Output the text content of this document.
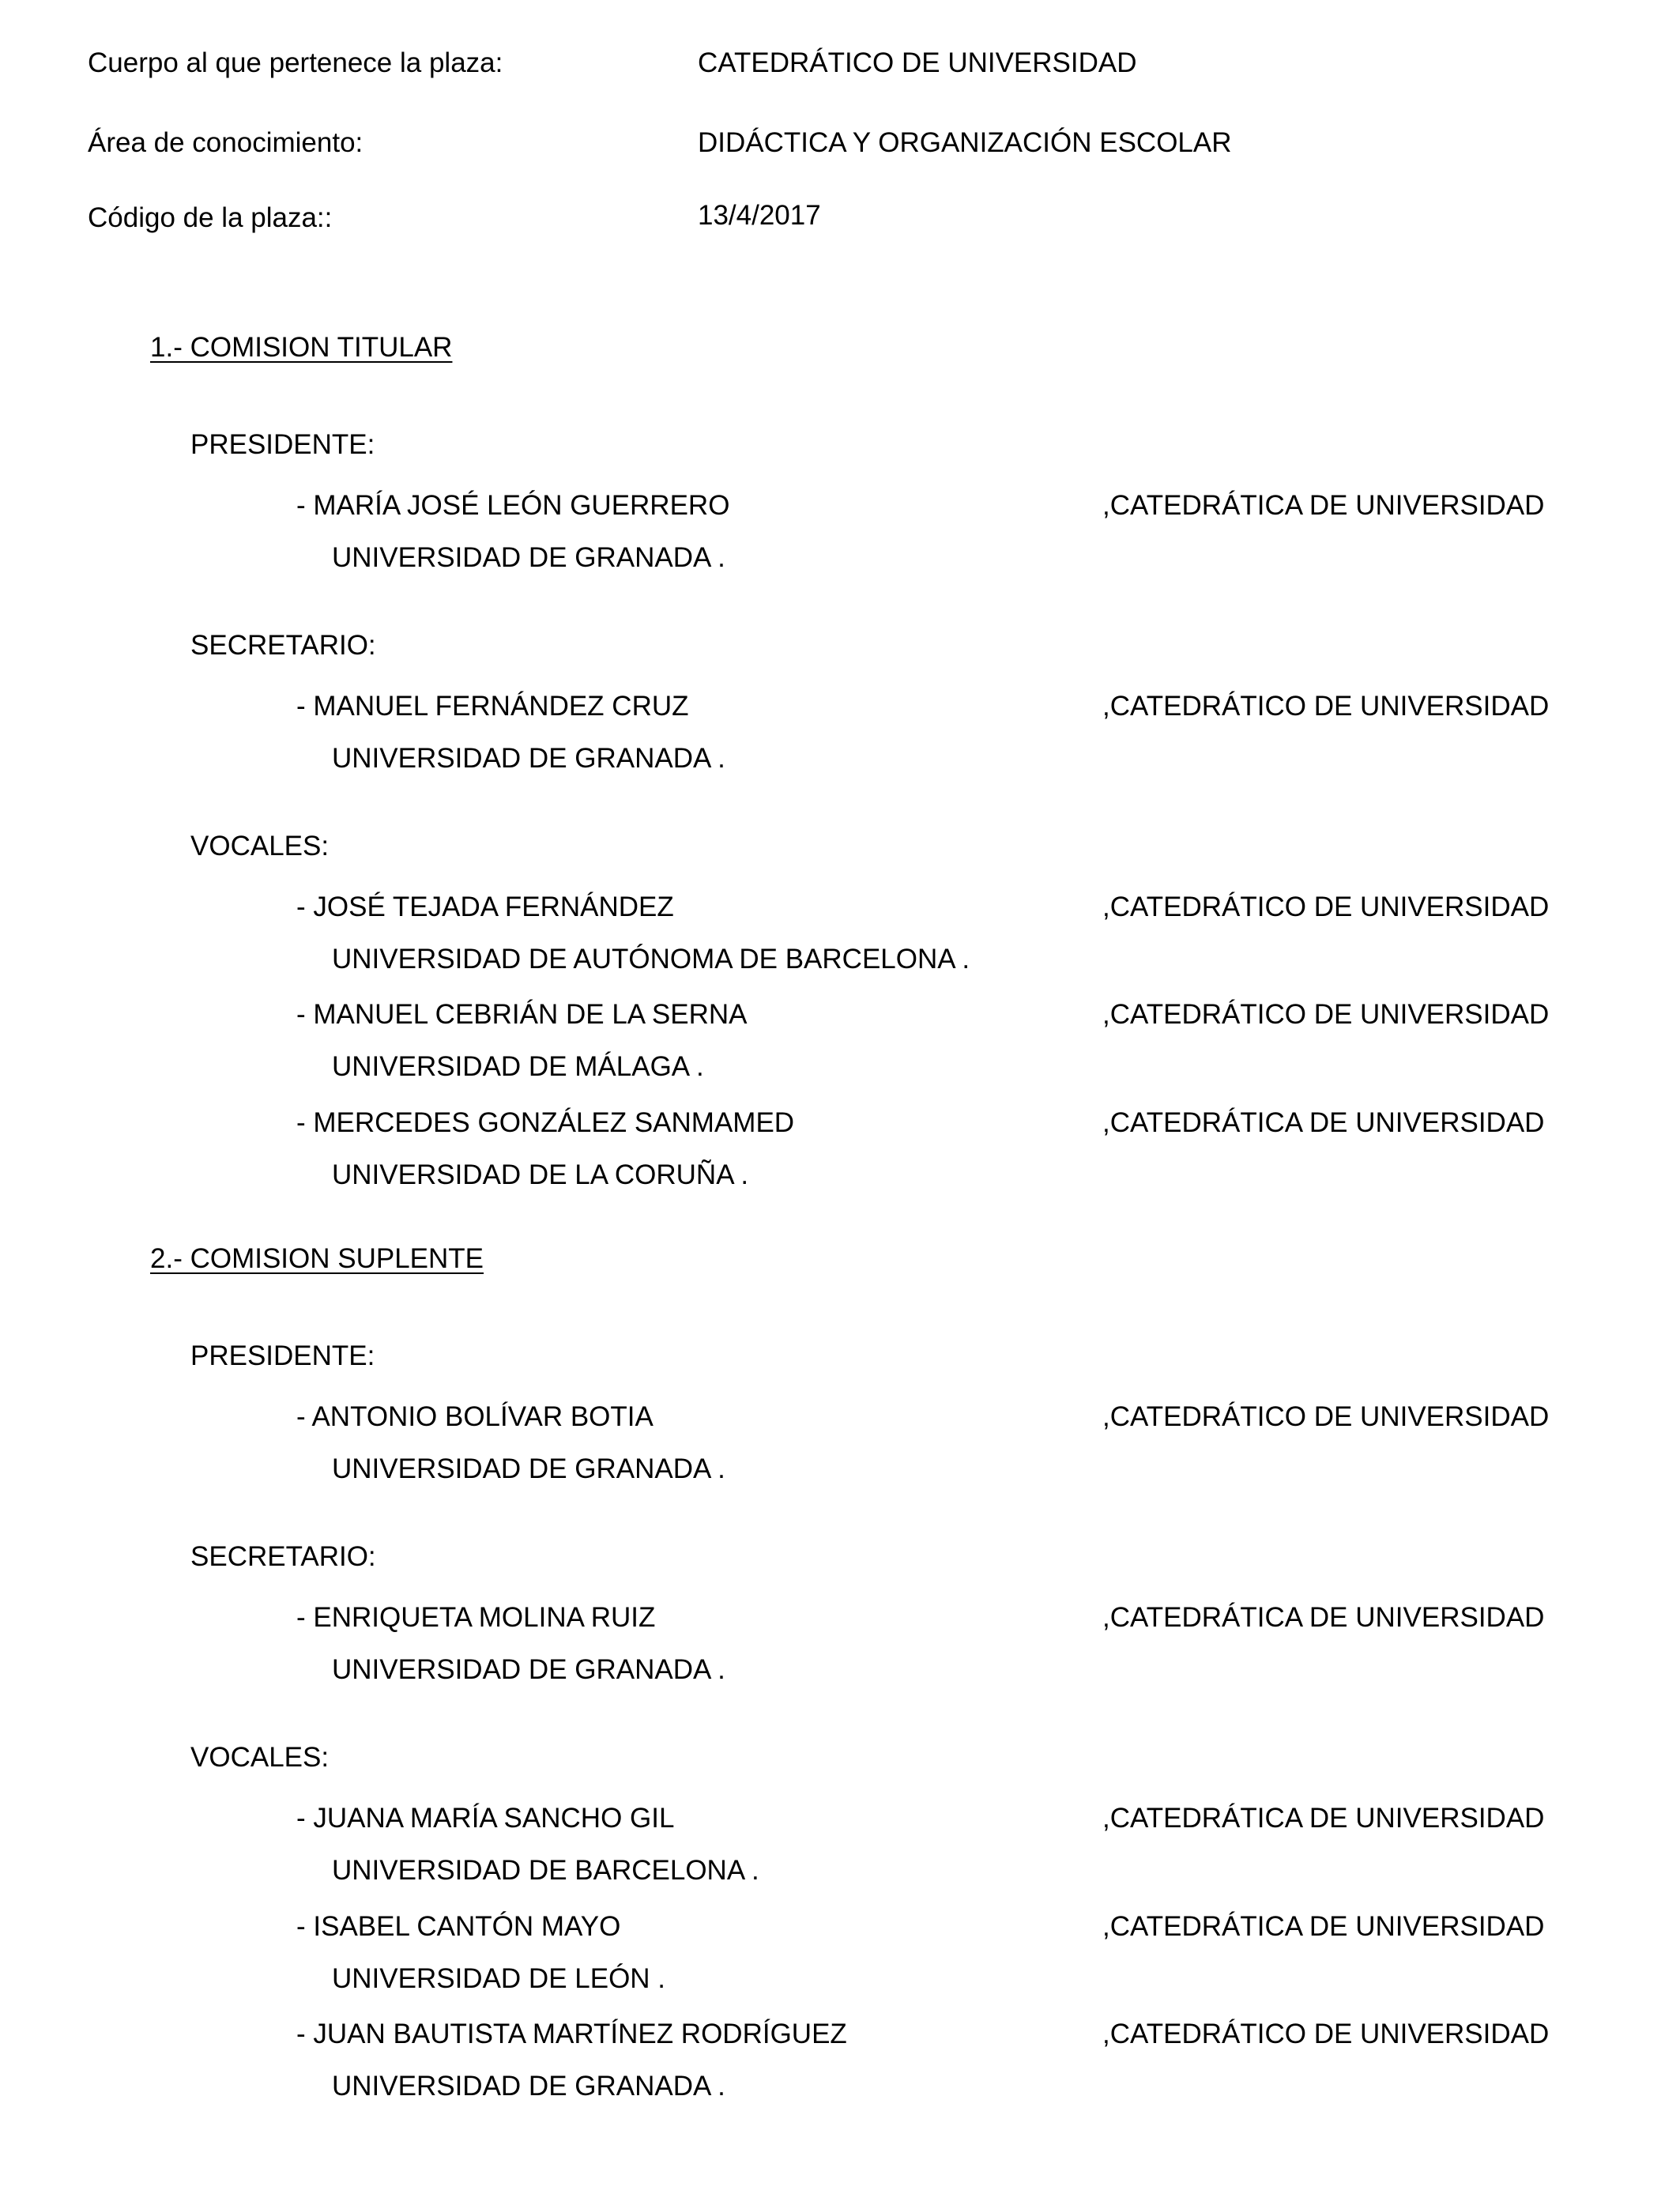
Cuerpo al que pertenece la plaza:	CATEDRÁTICO DE UNIVERSIDAD
Área de conocimiento:	DIDÁCTICA Y ORGANIZACIÓN ESCOLAR
Código de la plaza::	13/4/2017
1.- COMISION TITULAR
PRESIDENTE:
- MARÍA JOSÉ LEÓN GUERRERO	,CATEDRÁTICA DE UNIVERSIDAD
UNIVERSIDAD DE GRANADA .
SECRETARIO:
- MANUEL FERNÁNDEZ CRUZ	,CATEDRÁTICO DE UNIVERSIDAD
UNIVERSIDAD DE GRANADA .
VOCALES:
- JOSÉ TEJADA FERNÁNDEZ	,CATEDRÁTICO DE UNIVERSIDAD
UNIVERSIDAD DE AUTÓNOMA DE BARCELONA .
- MANUEL CEBRIÁN DE LA SERNA	,CATEDRÁTICO DE UNIVERSIDAD
UNIVERSIDAD DE MÁLAGA .
- MERCEDES GONZÁLEZ SANMAMED	,CATEDRÁTICA DE UNIVERSIDAD
UNIVERSIDAD DE LA CORUÑA .
2.- COMISION SUPLENTE
PRESIDENTE:
- ANTONIO BOLÍVAR BOTIA	,CATEDRÁTICO DE UNIVERSIDAD
UNIVERSIDAD DE GRANADA .
SECRETARIO:
- ENRIQUETA MOLINA RUIZ	,CATEDRÁTICA DE UNIVERSIDAD
UNIVERSIDAD DE GRANADA .
VOCALES:
- JUANA MARÍA SANCHO GIL	,CATEDRÁTICA DE UNIVERSIDAD
UNIVERSIDAD DE BARCELONA .
- ISABEL CANTÓN MAYO	,CATEDRÁTICA DE UNIVERSIDAD
UNIVERSIDAD DE LEÓN .
- JUAN BAUTISTA MARTÍNEZ RODRÍGUEZ	,CATEDRÁTICO DE UNIVERSIDAD
UNIVERSIDAD DE GRANADA .
